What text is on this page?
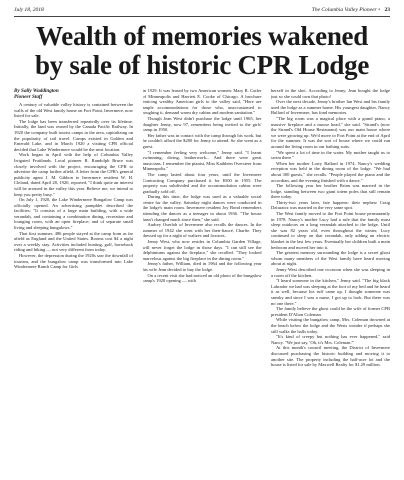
July 18, 2018	The Columbia Valley Pioneer • 23
Wealth of memories wakened
by sale of historic CPR Lodge

By Sally Waddington
Pioneer Staff

A century of valuable valley history is contained between the walls of the old West family home on Fort Point, Invermere, now listed for sale.

The lodge has been transferred repeatedly over its lifetime. Initially, the land was owned by the Canada Pacific Railway. In 1920 the company built tourist camps in the area, capitalizing on the popularity of rail travel. Camps existed in Golden and Emerald Lake, and in March 1920 a visiting CPR official decided that Lake Windermere would be the next location.

Work began in April with the help of Columbia Valley Irrigated Fruitlands. Local pioneer R. Randolph Bruce was closely involved with the project, encouraging the CPR to advertise the camp further afield. A letter from the CPR's general publicity agent J. M. Gibbon to Invermere resident W. H. Cleland, dated April 28, 1920, reported, "I think quite an interest will be aroused in the valley this year. Believe me, we intend to keep you pretty busy."

On July 1, 1920, the Lake Windermere Bungalow Camp was officially opened. An advertising pamphlet described the facilities: "It consists of a large main building, with a wide verandah, and containing a combination dining, recreation and lounging room, with an open fireplace; and of separate small living and sleeping bungalows."

That first summer, 486 people stayed at the camp from as far afield as England and the United States. Rooms cost $4 a night over a weekly stay. Activities included boating, golf, horseback riding and hiking — not very different from today.

However, the depression during the 1920s saw the downfall of tourism, and the bungalow camp was transformed into Lake Windermere Ranch Camp for Girls

in 1929. It was leased by two American women: Mary R. Cutler of Minneapolis and Harriett E. Cooke of Chicago. A brochure enticing wealthy American girls to the valley said, "Here are ample accommodations for those who, unaccustomed to roughing it, demand warm dry cabins and modern sanitation."

Though Jean West didn't purchase the lodge until 1965, her daughter Jenny, now 97, remembers being invited to the girls' camp in 1950.

Her father was in contact with the camp through his work, but he couldn't afford the $200 for Jenny to attend. So she went as a guest.

"I remember feeling very welcome," Jenny said. "I learnt swimming, diving, leatherwork... And there were great musicians. I remember the pianist, Miss Kathleen Oversteer from Minneapolis."

The camp lasted about four years, until the Invermere Contracting Company purchased it for $500 in 1955. The property was subdivided and the accommodation cabins were gradually sold off.

During this time, the lodge was used as a valuable social centre for the valley. Saturday night dances were conducted in the lodge's main room. Invermere resident Joy Bond remembers attending the dances as a teenager in about 1936. "The house hasn't changed much since then," she said.

Audrey Oserloh of Invermere also recalls the dances. In the summer of 1942 she went with her then-fiancé, Charlie. They dressed up for a night of waltzes and foxtrots.

Jenny West, who now resides in Columbia Garden Village, will never forget the lodge in those days. "I can still see the delphiniums against the fireplace," she recalled. "They looked marvelous against the big fireplace in the dining room."

Jenny's father, William, died in 1964 and the following year his wife Jean decided to buy the lodge.

On a recent visit she had noticed an old photo of the bungalow camp's 1920 opening — with

herself in the shot. According to Jenny, Jean bought the lodge just so she could own that photo!

Over the next decade, Jenny's brother Ian West and his family used the lodge as a summer home. His youngest daughter, Nancy Bullard of Invermere, has fond memories.

"The big room was a magical place with a grand piano, a massive fireplace and a moose head," she said. "Strand's (now the Strand's Old House Restaurant) was our main house where we were growing up. We'd move to Fort Point at the end of April for the summer. It was the sort of house where we could run around the living room in our bathing suits.

"We spent a lot of time in the water. My mother taught us to swim there."

When her mother Lorry Ballard in 1974, Nancy's wedding reception was held in the dining room of the lodge. "We had about 300 guests," she recalls. "People played the piano and the accordian, and the evening finished with a dance."

The following year her brother Brian was married in the lodge, standing between two giant totem poles that still remain there today.

Thirty-two years later, fate happens: their nephew Craig Dziuraicz was married in the very same spot.

The West family moved to the Fort Point house permanently in 1978. Nancy's mother Lucy had a rule that the family must sleep outdoors on a long verandah attached to the lodge. Until she was 82 years old, even throughout the winter, Lucy continued to sleep on that verandah, only adding an electric blanket in the last few years. Eventually her children built a main bedroom and moved her into it.

The greatest memory surrounding the lodge is a secret ghost whom many members of the West family have heard moving about at night.

Jenny West described one occasion when she was sleeping in a room off the kitchen.

"I heard someone in the kitchen," Jenny said. "The big black Labrador we had was sleeping at the foot of my bed and he heard it as well, because his ruff came up. I thought someone was sneaky and since I was a nurse, I got up to look. But there was no one there."

The family believe the ghost could be the wife of former CPR president D'Alton Coleman.

While visiting the bungalow camp, Mrs. Coleman drowned at the beach below the lodge and the Wests wonder if perhaps she still walks the halls today.

"It's kind of creepy but nothing has ever happened," said Nancy. "We just say, 'Oh, it's Mrs. Coleman.'"

At this month's council meeting, the District of Invermere discussed purchasing the historic building and moving it to another site. The property including the half-acre lot and the house is listed for sale by Maxwell Realty for $1.29 million.
